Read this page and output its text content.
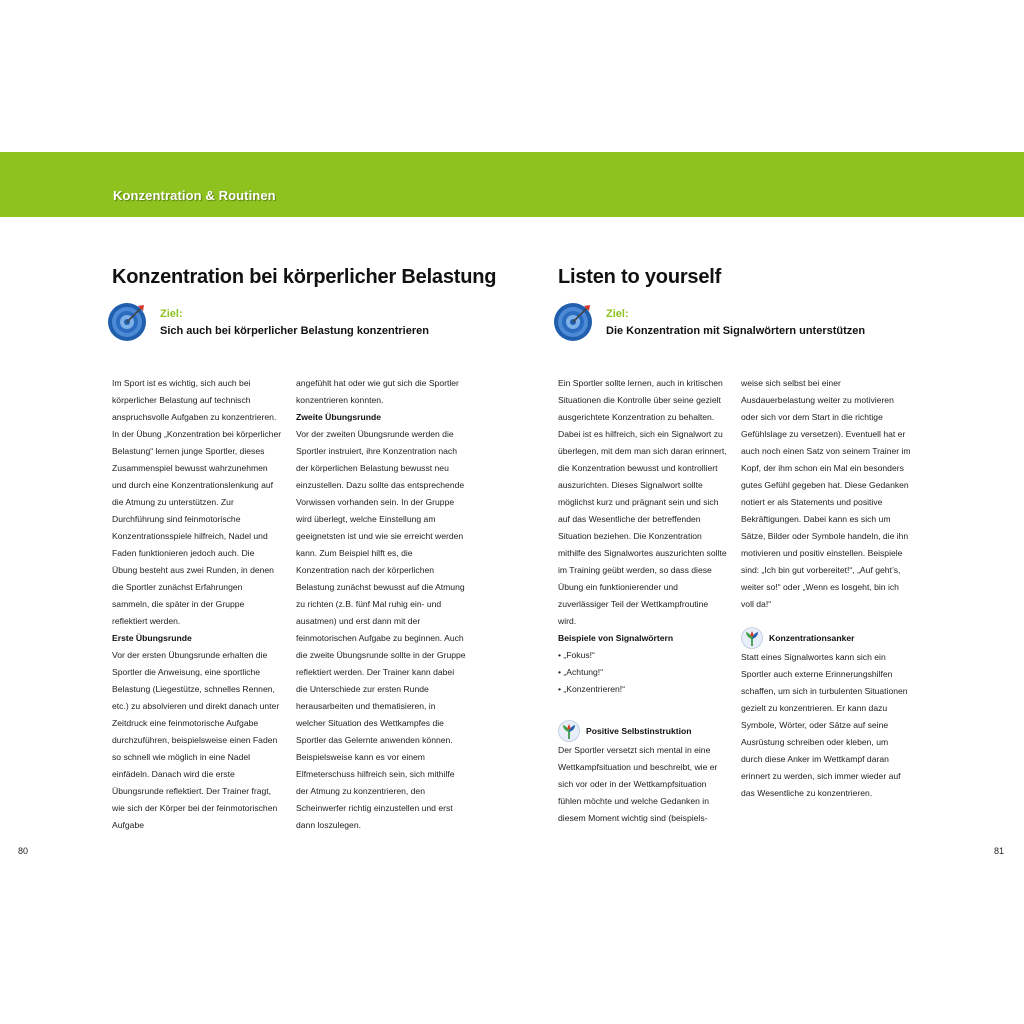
Konzentration & Routinen
Konzentration bei körperlicher Belastung
Ziel:
Sich auch bei körperlicher Belastung konzentrieren

Im Sport ist es wichtig, sich auch bei körperlicher Belastung auf technisch anspruchsvolle Aufgaben zu konzentrieren. In der Übung „Konzentration bei körperlicher Belastung“ lernen junge Sportler, dieses Zusammenspiel bewusst wahrzunehmen und durch eine Konzentrationslenkung auf die Atmung zu unterstützen. Zur Durchführung sind feinmotorische Konzentrationsspiele hilfreich, Nadel und Faden funktionieren jedoch auch. Die Übung besteht aus zwei Runden, in denen die Sportler zunächst Erfahrungen sammeln, die später in der Gruppe reflektiert werden.

Erste Übungsrunde

Vor der ersten Übungsrunde erhalten die Sportler die Anweisung, eine sportliche Belastung (Liegestütze, schnelles Rennen, etc.) zu absolvieren und direkt danach unter Zeitdruck eine feinmotorische Aufgabe durchzuführen, beispielsweise einen Faden so schnell wie möglich in eine Nadel einfädeln. Danach wird die erste Übungsrunde reflektiert. Der Trainer fragt, wie sich der Körper bei der feinmotorischen Aufgabe

angefühlt hat oder wie gut sich die Sportler konzentrieren konnten.

Zweite Übungsrunde

Vor der zweiten Übungsrunde werden die Sportler instruiert, ihre Konzentration nach der körperlichen Belastung bewusst neu einzustellen. Dazu sollte das entsprechende Vorwissen vorhanden sein. In der Gruppe wird überlegt, welche Einstellung am geeignetsten ist und wie sie erreicht werden kann. Zum Beispiel hilft es, die Konzentration nach der körperlichen Belastung zunächst bewusst auf die Atmung zu richten (z.B. fünf Mal ruhig ein- und ausatmen) und erst dann mit der feinmotorischen Aufgabe zu beginnen. Auch die zweite Übungsrunde sollte in der Gruppe reflektiert werden. Der Trainer kann dabei die Unterschiede zur ersten Runde herausarbeiten und thematisieren, in welcher Situation des Wettkampfes die Sportler das Gelernte anwenden können. Beispielsweise kann es vor einem Elfmeterschuss hilfreich sein, sich mithilfe der Atmung zu konzentrieren, den Scheinwerfer richtig einzustellen und erst dann loszulegen.

80
Listen to yourself
Ziel:
Die Konzentration mit Signalwörtern unterstützen

Ein Sportler sollte lernen, auch in kritischen Situationen die Kontrolle über seine gezielt ausgerichtete Konzentration zu behalten. Dabei ist es hilfreich, sich ein Signalwort zu überlegen, mit dem man sich daran erinnert, die Konzentration bewusst und kontrolliert auszurichten. Dieses Signalwort sollte möglichst kurz und prägnant sein und sich auf das Wesentliche der betreffenden Situation beziehen. Die Konzentration mithilfe des Signalwortes auszurichten sollte im Training geübt werden, so dass diese Übung ein funktionierender und zuverlässiger Teil der Wettkampfroutine wird.

Beispiele von Signalwörtern

• „Fokus!“
• „Achtung!“
• „Konzentrieren!“
Positive Selbstinstruktion

Der Sportler versetzt sich mental in eine Wettkampfsituation und beschreibt, wie er sich vor oder in der Wettkampfsituation fühlen möchte und welche Gedanken in diesem Moment wichtig sind (beispiels-

weise sich selbst bei einer Ausdauerbelastung weiter zu motivieren oder sich vor dem Start in die richtige Gefühlslage zu versetzen). Eventuell hat er auch noch einen Satz von seinem Trainer im Kopf, der ihm schon ein Mal ein besonders gutes Gefühl gegeben hat. Diese Gedanken notiert er als Statements und positive Bekräftigungen. Dabei kann es sich um Sätze, Bilder oder Symbole handeln, die ihn motivieren und positiv einstellen. Beispiele sind: „Ich bin gut vorbereitet!“, „Auf geht’s, weiter so!“ oder „Wenn es losgeht, bin ich voll da!“

Konzentrationsanker

Statt eines Signalwortes kann sich ein Sportler auch externe Erinnerungshilfen schaffen, um sich in turbulenten Situationen gezielt zu konzentrieren. Er kann dazu Symbole, Wörter, oder Sätze auf seine Ausrüstung schreiben oder kleben, um durch diese Anker im Wettkampf daran erinnert zu werden, sich immer wieder auf das Wesentliche zu konzentrieren.

81
